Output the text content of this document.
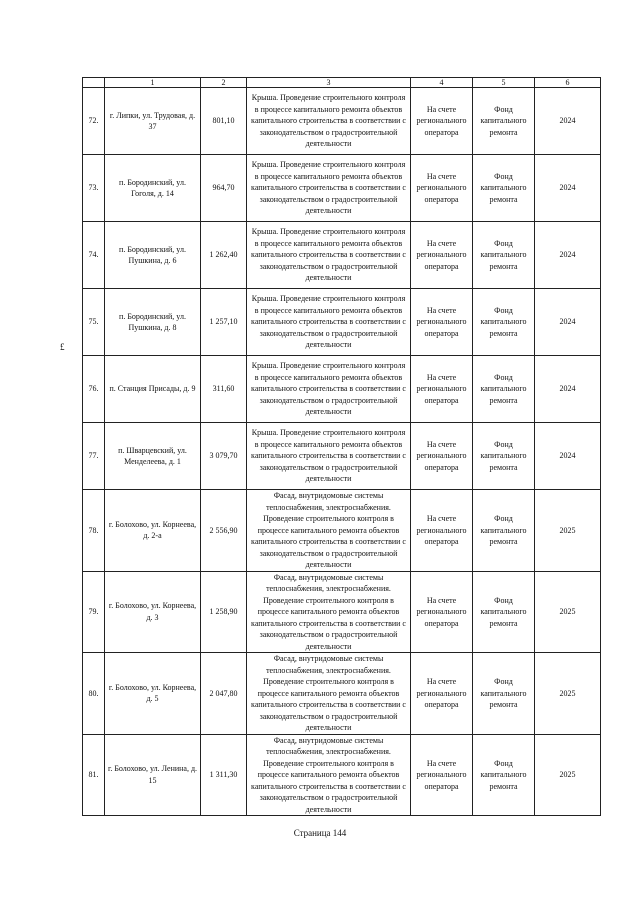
£
	1	2	3	4	5	6
72.	г. Липки, ул. Трудовая, д. 37	801,10	Крыша. Проведение строительного контроля в процессе капитального ремонта объектов капитального строительства в соответствии с законодательством о градостроительной деятельности	На счете регионального оператора	Фонд капитального ремонта	2024
73.	п. Бородинский, ул. Гоголя, д. 14	964,70	Крыша. Проведение строительного контроля в процессе капитального ремонта объектов капитального строительства в соответствии с законодательством о градостроительной деятельности	На счете регионального оператора	Фонд капитального ремонта	2024
74.	п. Бородинский, ул. Пушкина, д. 6	1 262,40	Крыша. Проведение строительного контроля в процессе капитального ремонта объектов капитального строительства в соответствии с законодательством о градостроительной деятельности	На счете регионального оператора	Фонд капитального ремонта	2024
75.	п. Бородинский, ул. Пушкина, д. 8	1 257,10	Крыша. Проведение строительного контроля в процессе капитального ремонта объектов капитального строительства в соответствии с законодательством о градостроительной деятельности	На счете регионального оператора	Фонд капитального ремонта	2024
76.	п. Станция Присады, д. 9	311,60	Крыша. Проведение строительного контроля в процессе капитального ремонта объектов капитального строительства в соответствии с законодательством о градостроительной деятельности	На счете регионального оператора	Фонд капитального ремонта	2024
77.	п. Шварцевский, ул. Менделеева, д. 1	3 079,70	Крыша. Проведение строительного контроля в процессе капитального ремонта объектов капитального строительства в соответствии с законодательством о градостроительной деятельности	На счете регионального оператора	Фонд капитального ремонта	2024
78.	г. Болохово, ул. Корнеева, д. 2-а	2 556,90	Фасад, внутридомовые системы теплоснабжения, электроснабжения. Проведение строительного контроля в процессе капитального ремонта объектов капитального строительства в соответствии с законодательством о градостроительной деятельности	На счете регионального оператора	Фонд капитального ремонта	2025
79.	г. Болохово, ул. Корнеева, д. 3	1 258,90	Фасад, внутридомовые системы теплоснабжения, электроснабжения. Проведение строительного контроля в процессе капитального ремонта объектов капитального строительства в соответствии с законодательством о градостроительной деятельности	На счете регионального оператора	Фонд капитального ремонта	2025
80.	г. Болохово, ул. Корнеева, д. 5	2 047,80	Фасад, внутридомовые системы теплоснабжения, электроснабжения. Проведение строительного контроля в процессе капитального ремонта объектов капитального строительства в соответствии с законодательством о градостроительной деятельности	На счете регионального оператора	Фонд капитального ремонта	2025
81.	г. Болохово, ул. Ленина, д. 15	1 311,30	Фасад, внутридомовые системы теплоснабжения, электроснабжения. Проведение строительного контроля в процессе капитального ремонта объектов капитального строительства в соответствии с законодательством о градостроительной деятельности	На счете регионального оператора	Фонд капитального ремонта	2025
Страница 144
